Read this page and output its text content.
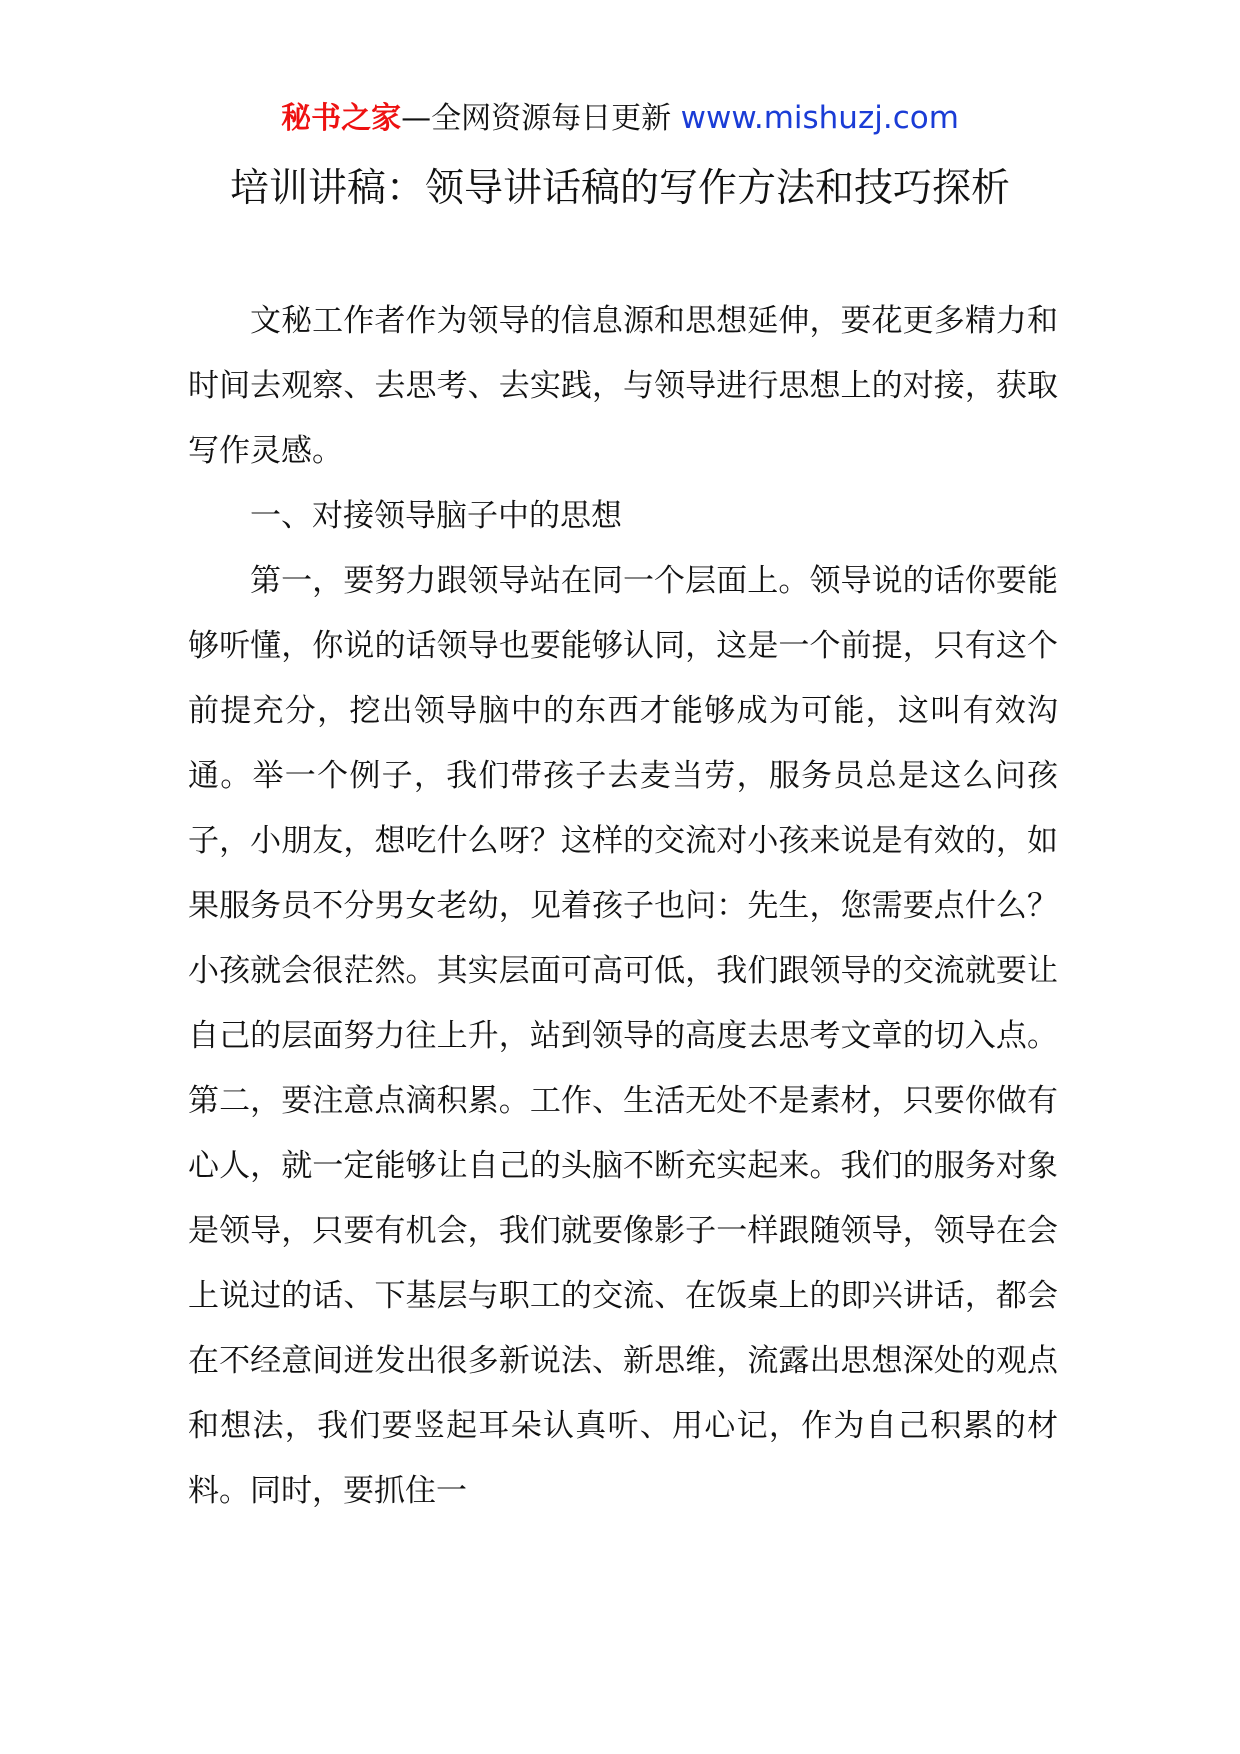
秘书之家—全网资源每日更新 www.mishuzj.com
培训讲稿：领导讲话稿的写作方法和技巧探析

文秘工作者作为领导的信息源和思想延伸，要花更多精力和时间去观察、去思考、去实践，与领导进行思想上的对接，获取写作灵感。

一、对接领导脑子中的思想

第一，要努力跟领导站在同一个层面上。领导说的话你要能够听懂，你说的话领导也要能够认同，这是一个前提，只有这个前提充分，挖出领导脑中的东西才能够成为可能，这叫有效沟通。举一个例子，我们带孩子去麦当劳，服务员总是这么问孩子，小朋友，想吃什么呀？这样的交流对小孩来说是有效的，如果服务员不分男女老幼，见着孩子也问：先生，您需要点什么？小孩就会很茫然。其实层面可高可低，我们跟领导的交流就要让自己的层面努力往上升，站到领导的高度去思考文章的切入点。第二，要注意点滴积累。工作、生活无处不是素材，只要你做有心人，就一定能够让自己的头脑不断充实起来。我们的服务对象是领导，只要有机会，我们就要像影子一样跟随领导，领导在会上说过的话、下基层与职工的交流、在饭桌上的即兴讲话，都会在不经意间迸发出很多新说法、新思维，流露出思想深处的观点和想法，我们要竖起耳朵认真听、用心记，作为自己积累的材料。同时，要抓住一
